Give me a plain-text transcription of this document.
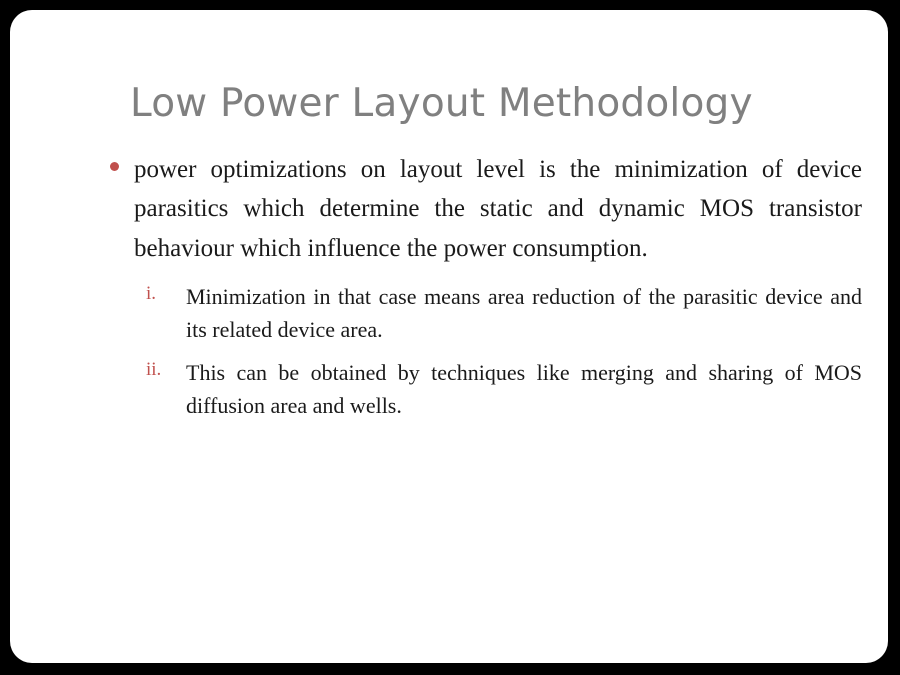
Low Power Layout Methodology
power optimizations on layout level is the minimization of device parasitics which determine the static and dynamic MOS transistor behaviour which influence the power consumption.
i. Minimization in that case means area reduction of the parasitic device and its related device area.
ii. This can be obtained by techniques like merging and sharing of MOS diffusion area and wells.
